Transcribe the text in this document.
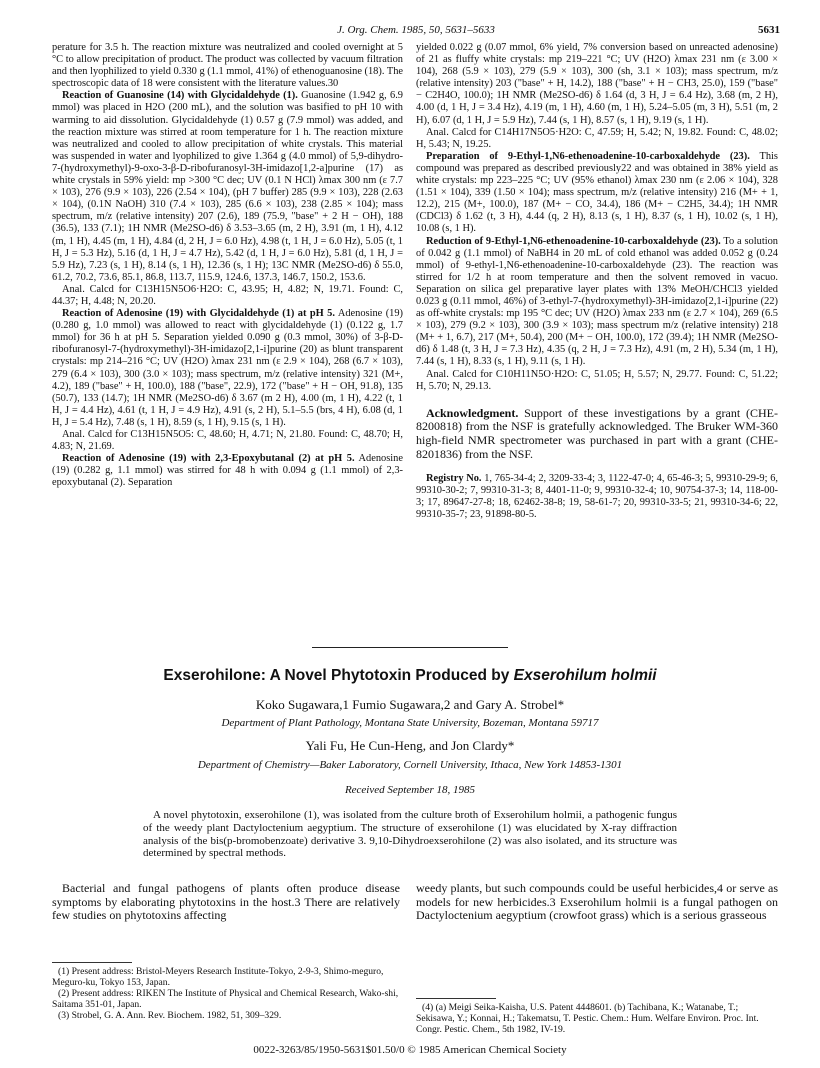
J. Org. Chem. 1985, 50, 5631–5633	5631

perature for 3.5 h. The reaction mixture was neutralized and cooled overnight at 5 °C to allow precipitation of product. The product was collected by vacuum filtration and then lyophilized to yield 0.330 g (1.1 mmol, 41%) of ethenoguanosine (18). The spectroscopic data of 18 were consistent with the literature values.30

Reaction of Guanosine (14) with Glycidaldehyde (1). Guanosine (1.942 g, 6.9 mmol) was placed in H2O (200 mL), and the solution was basified to pH 10 with warming to aid dissolution. Glycidaldehyde (1) 0.57 g (7.9 mmol) was added, and the reaction mixture was stirred at room temperature for 1 h. The reaction mixture was neutralized and cooled to allow precipitation of white crystals. This material was suspended in water and lyophilized to give 1.364 g (4.0 mmol) of 5,9-dihydro-7-(hydroxymethyl)-9-oxo-3-β-D-ribofuranosyl-3H-imidazo[1,2-a]purine (17) as white crystals in 59% yield: mp >300 °C dec; UV (0.1 N HCl) λmax 300 nm (ε 7.7 × 103), 276 (9.9 × 103), 226 (2.54 × 104), (pH 7 buffer) 285 (9.9 × 103), 228 (2.63 × 104), (0.1N NaOH) 310 (7.4 × 103), 285 (6.6 × 103), 238 (2.85 × 104); mass spectrum, m/z (relative intensity) 207 (2.6), 189 (75.9, "base" + 2 H − OH), 188 (36.5), 133 (7.1); 1H NMR (Me2SO-d6) δ 3.53–3.65 (m, 2 H), 3.91 (m, 1 H), 4.12 (m, 1 H), 4.45 (m, 1 H), 4.84 (d, 2 H, J = 6.0 Hz), 4.98 (t, 1 H, J = 6.0 Hz), 5.05 (t, 1 H, J = 5.3 Hz), 5.16 (d, 1 H, J = 4.7 Hz), 5.42 (d, 1 H, J = 6.0 Hz), 5.81 (d, 1 H, J = 5.9 Hz), 7.23 (s, 1 H), 8.14 (s, 1 H), 12.36 (s, 1 H); 13C NMR (Me2SO-d6) δ 55.0, 61.2, 70.2, 73.6, 85.1, 86.8, 113.7, 115.9, 124.6, 137.3, 146.7, 150.2, 153.6.

Anal. Calcd for C13H15N5O6·H2O: C, 43.95; H, 4.82; N, 19.71. Found: C, 44.37; H, 4.48; N, 20.20.

Reaction of Adenosine (19) with Glycidaldehyde (1) at pH 5. Adenosine (19) (0.280 g, 1.0 mmol) was allowed to react with glycidaldehyde (1) (0.122 g, 1.7 mmol) for 36 h at pH 5. Separation yielded 0.090 g (0.3 mmol, 30%) of 3-β-D-ribofuranosyl-7-(hydroxymethyl)-3H-imidazo[2,1-i]purine (20) as blunt transparent crystals: mp 214–216 °C; UV (H2O) λmax 231 nm (ε 2.9 × 104), 268 (6.7 × 103), 279 (6.4 × 103), 300 (3.0 × 103); mass spectrum, m/z (relative intensity) 321 (M+, 4.2), 189 ("base" + H, 100.0), 188 ("base", 22.9), 172 ("base" + H − OH, 91.8), 135 (50.7), 133 (14.7); 1H NMR (Me2SO-d6) δ 3.67 (m 2 H), 4.00 (m, 1 H), 4.22 (t, 1 H, J = 4.4 Hz), 4.61 (t, 1 H, J = 4.9 Hz), 4.91 (s, 2 H), 5.1–5.5 (brs, 4 H), 6.08 (d, 1 H, J = 5.4 Hz), 7.48 (s, 1 H), 8.59 (s, 1 H), 9.15 (s, 1 H).

Anal. Calcd for C13H15N5O5: C, 48.60; H, 4.71; N, 21.80. Found: C, 48.70; H, 4.83; N, 21.69.

Reaction of Adenosine (19) with 2,3-Epoxybutanal (2) at pH 5. Adenosine (19) (0.282 g, 1.1 mmol) was stirred for 48 h with 0.094 g (1.1 mmol) of 2,3-epoxybutanal (2). Separation

yielded 0.022 g (0.07 mmol, 6% yield, 7% conversion based on unreacted adenosine) of 21 as fluffy white crystals: mp 219–221 °C; UV (H2O) λmax 231 nm (ε 3.00 × 104), 268 (5.9 × 103), 279 (5.9 × 103), 300 (sh, 3.1 × 103); mass spectrum, m/z (relative intensity) 203 ("base" + H, 14.2), 188 ("base" + H − CH3, 25.0), 159 ("base" − C2H4O, 100.0); 1H NMR (Me2SO-d6) δ 1.64 (d, 3 H, J = 6.4 Hz), 3.68 (m, 2 H), 4.00 (d, 1 H, J = 3.4 Hz), 4.19 (m, 1 H), 4.60 (m, 1 H), 5.24–5.05 (m, 3 H), 5.51 (m, 2 H), 6.07 (d, 1 H, J = 5.9 Hz), 7.44 (s, 1 H), 8.57 (s, 1 H), 9.19 (s, 1 H).

Anal. Calcd for C14H17N5O5·H2O: C, 47.59; H, 5.42; N, 19.82. Found: C, 48.02; H, 5.43; N, 19.25.

Preparation of 9-Ethyl-1,N6-ethenoadenine-10-carboxaldehyde (23). This compound was prepared as described previously22 and was obtained in 38% yield as white crystals: mp 223–225 °C; UV (95% ethanol) λmax 230 nm (ε 2.06 × 104), 328 (1.51 × 104), 339 (1.50 × 104); mass spectrum, m/z (relative intensity) 216 (M+ + 1, 12.2), 215 (M+, 100.0), 187 (M+ − CO, 34.4), 186 (M+ − C2H5, 34.4); 1H NMR (CDCl3) δ 1.62 (t, 3 H), 4.44 (q, 2 H), 8.13 (s, 1 H), 8.37 (s, 1 H), 10.02 (s, 1 H), 10.08 (s, 1 H).

Reduction of 9-Ethyl-1,N6-ethenoadenine-10-carboxaldehyde (23). To a solution of 0.042 g (1.1 mmol) of NaBH4 in 20 mL of cold ethanol was added 0.052 g (0.24 mmol) of 9-ethyl-1,N6-ethenoadenine-10-carboxaldehyde (23). The reaction was stirred for 1/2 h at room temperature and then the solvent removed in vacuo. Separation on silica gel preparative layer plates with 13% MeOH/CHCl3 yielded 0.023 g (0.11 mmol, 46%) of 3-ethyl-7-(hydroxymethyl)-3H-imidazo[2,1-i]purine (22) as off-white crystals: mp 195 °C dec; UV (H2O) λmax 233 nm (ε 2.7 × 104), 269 (6.5 × 103), 279 (9.2 × 103), 300 (3.9 × 103); mass spectrum m/z (relative intensity) 218 (M+ + 1, 6.7), 217 (M+, 50.4), 200 (M+ − OH, 100.0), 172 (39.4); 1H NMR (Me2SO-d6) δ 1.48 (t, 3 H, J = 7.3 Hz), 4.35 (q, 2 H, J = 7.3 Hz), 4.91 (m, 2 H), 5.34 (m, 1 H), 7.44 (s, 1 H), 8.33 (s, 1 H), 9.11 (s, 1 H).

Anal. Calcd for C10H11N5O·H2O: C, 51.05; H, 5.57; N, 29.77. Found: C, 51.22; H, 5.70; N, 29.13.

Acknowledgment. Support of these investigations by a grant (CHE-8200818) from the NSF is gratefully acknowledged. The Bruker WM-360 high-field NMR spectrometer was purchased in part with a grant (CHE-8201836) from the NSF.

Registry No. 1, 765-34-4; 2, 3209-33-4; 3, 1122-47-0; 4, 65-46-3; 5, 99310-29-9; 6, 99310-30-2; 7, 99310-31-3; 8, 4401-11-0; 9, 99310-32-4; 10, 90754-37-3; 14, 118-00-3; 17, 89647-27-8; 18, 62462-38-8; 19, 58-61-7; 20, 99310-33-5; 21, 99310-34-6; 22, 99310-35-7; 23, 91898-80-5.

Exserohilone: A Novel Phytotoxin Produced by Exserohilum holmii
Koko Sugawara,1 Fumio Sugawara,2 and Gary A. Strobel*
Department of Plant Pathology, Montana State University, Bozeman, Montana 59717
Yali Fu, He Cun-Heng, and Jon Clardy*
Department of Chemistry—Baker Laboratory, Cornell University, Ithaca, New York 14853-1301
Received September 18, 1985
A novel phytotoxin, exserohilone (1), was isolated from the culture broth of Exserohilum holmii, a pathogenic fungus of the weedy plant Dactyloctenium aegyptium. The structure of exserohilone (1) was elucidated by X-ray diffraction analysis of the bis(p-bromobenzoate) derivative 3. 9,10-Dihydroexserohilone (2) was also isolated, and its structure was determined by spectral methods.
Bacterial and fungal pathogens of plants often produce disease symptoms by elaborating phytotoxins in the host.3 There are relatively few studies on phytotoxins affecting
weedy plants, but such compounds could be useful herbicides,4 or serve as models for new herbicides.3 Exserohilum holmii is a fungal pathogen on Dactyloctenium aegyptium (crowfoot grass) which is a serious grasseous

(1) Present address: Bristol-Meyers Research Institute-Tokyo, 2-9-3, Shimo-meguro, Meguro-ku, Tokyo 153, Japan.

(2) Present address: RIKEN The Institute of Physical and Chemical Research, Wako-shi, Saitama 351-01, Japan.

(3) Strobel, G. A. Ann. Rev. Biochem. 1982, 51, 309–329.

(4) (a) Meigi Seika-Kaisha, U.S. Patent 4448601. (b) Tachibana, K.; Watanabe, T.; Sekisawa, Y.; Konnai, H.; Takematsu, T. Pestic. Chem.: Hum. Welfare Environ. Proc. Int. Congr. Pestic. Chem., 5th 1982, IV-19.

0022-3263/85/1950-5631$01.50/0 © 1985 American Chemical Society
